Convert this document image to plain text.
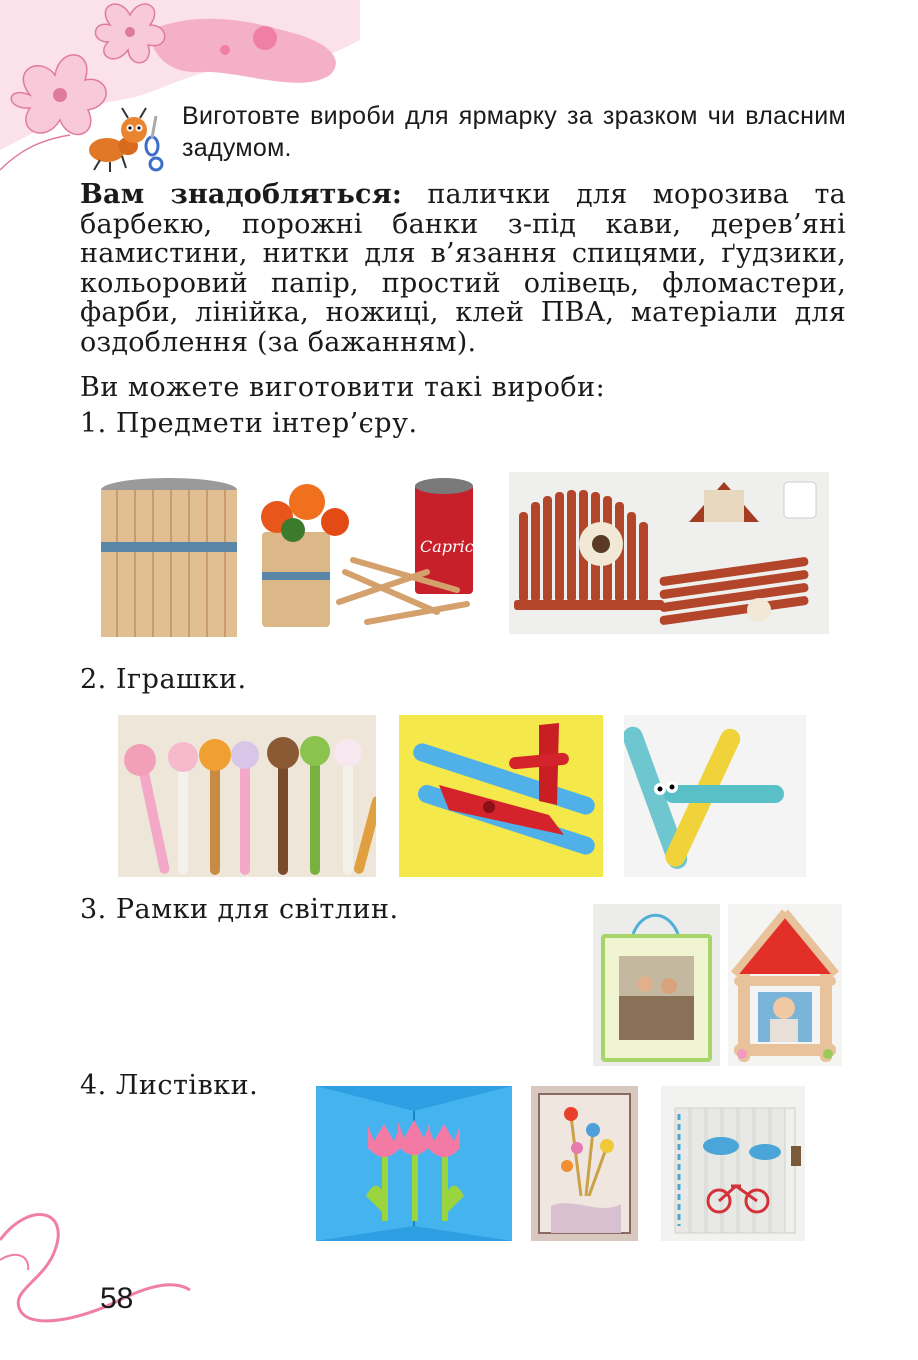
Виготовте вироби для ярмарку за зразком чи власним задумом.
Вам знадобляться: палички для морозива та барбекю, порожні банки з-під кави, дерев’яні намистини, нитки для в’язання спицями, ґудзики, кольоровий папір, простий олівець, фломастери, фарби, лінійка, ножиці, клей ПВА, матеріали для оздоблення (за бажанням).
Ви можете виготовити такі вироби:
1. Предмети інтер’єру.
Caprice
2. Іграшки.
3. Рамки для світлин.
4. Листівки.
58
